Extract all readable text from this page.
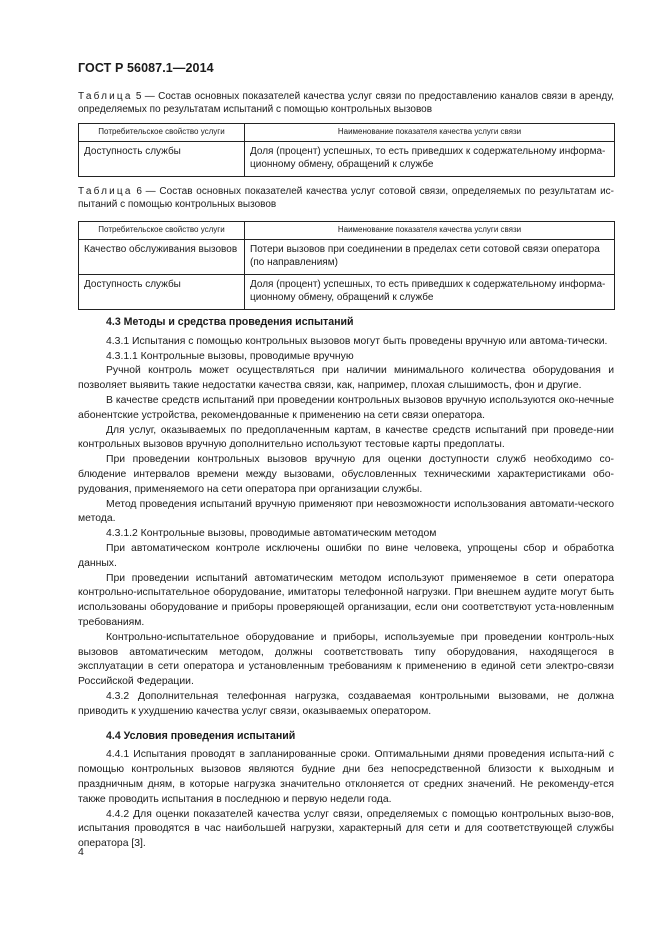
ГОСТ Р 56087.1—2014
Таблица 5 — Состав основных показателей качества услуг связи по предоставлению каналов связи в аренду, определяемых по результатам испытаний с помощью контрольных вызовов
Потребительское свойство услуги	Наименование показателя качества услуги связи
Доступность службы	Доля (процент) успешных, то есть приведших к содержательному информа-ционному обмену, обращений к службе
Таблица 6 — Состав основных показателей качества услуг сотовой связи, определяемых по результатам ис-пытаний с помощью контрольных вызовов
Потребительское свойство услуги	Наименование показателя качества услуги связи
Качество обслуживания вызовов	Потери вызовов при соединении в пределах сети сотовой связи оператора (по направлениям)
Доступность службы	Доля (процент) успешных, то есть приведших к содержательному информа-ционному обмену, обращений к службе
4.3 Методы и средства проведения испытаний

4.3.1 Испытания с помощью контрольных вызовов могут быть проведены вручную или автома-тически.

4.3.1.1 Контрольные вызовы, проводимые вручную

Ручной контроль может осуществляться при наличии минимального количества оборудования и позволяет выявить такие недостатки качества связи, как, например, плохая слышимость, фон и другие.

В качестве средств испытаний при проведении контрольных вызовов вручную используются око-нечные абонентские устройства, рекомендованные к применению на сети связи оператора.

Для услуг, оказываемых по предоплаченным картам, в качестве средств испытаний при проведе-нии контрольных вызовов вручную дополнительно используют тестовые карты предоплаты.

При проведении контрольных вызовов вручную для оценки доступности служб необходимо со-блюдение интервалов времени между вызовами, обусловленных техническими характеристиками обо-рудования, применяемого на сети оператора при организации службы.

Метод проведения испытаний вручную применяют при невозможности использования автомати-ческого метода.

4.3.1.2 Контрольные вызовы, проводимые автоматическим методом

При автоматическом контроле исключены ошибки по вине человека, упрощены сбор и обработка данных.

При проведении испытаний автоматическим методом используют применяемое в сети оператора контрольно-испытательное оборудование, имитаторы телефонной нагрузки. При внешнем аудите могут быть использованы оборудование и приборы проверяющей организации, если они соответствуют уста-новленным требованиям.

Контрольно-испытательное оборудование и приборы, используемые при проведении контроль-ных вызовов автоматическим методом, должны соответствовать типу оборудования, находящегося в эксплуатации в сети оператора и установленным требованиям к применению в единой сети электро-связи Российской Федерации.

4.3.2 Дополнительная телефонная нагрузка, создаваемая контрольными вызовами, не должна приводить к ухудшению качества услуг связи, оказываемых оператором.

4.4 Условия проведения испытаний

4.4.1 Испытания проводят в запланированные сроки. Оптимальными днями проведения испыта-ний с помощью контрольных вызовов являются будние дни без непосредственной близости к выходным и праздничным дням, в которые нагрузка значительно отклоняется от средних значений. Не рекоменду-ется также проводить испытания в последнюю и первую недели года.

4.4.2 Для оценки показателей качества услуг связи, определяемых с помощью контрольных вызо-вов, испытания проводятся в час наибольшей нагрузки, характерный для сети и для соответствующей службы оператора [3].

4
